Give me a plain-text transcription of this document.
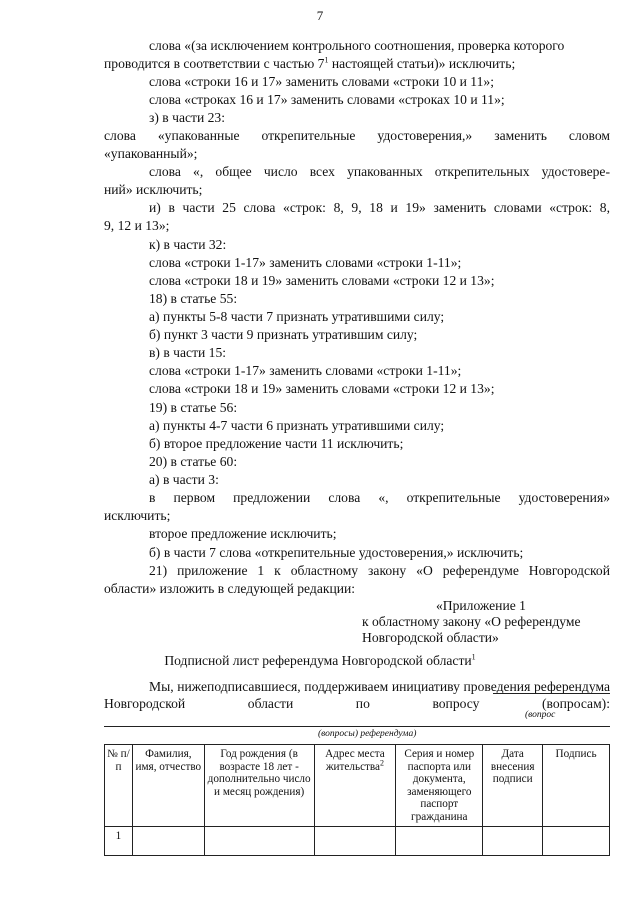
7
слова «(за исключением контрольного соотношения, проверка которого
проводится в соответствии с частью $7^1$ настоящей статьи)» исключить;
слова «строки 16 и 17» заменить словами «строки 10 и 11»;
слова «строках 16 и 17» заменить словами «строках 10 и 11»;
з) в части 23:
слова «упакованные открепительные удостоверения,» заменить словом
«упакованный»;
слова «, общее число всех упакованных открепительных удостовере-
ний» исключить;
и) в части 25 слова «строк: 8, 9, 18 и 19» заменить словами «строк: 8,
9, 12 и 13»;
к) в части 32:
слова «строки 1-17» заменить словами «строки 1-11»;
слова «строки 18 и 19» заменить словами «строки 12 и 13»;
18) в статье 55:
а) пункты 5-8 части 7 признать утратившими силу;
б) пункт 3 части 9 признать утратившим силу;
в) в части 15:
слова «строки 1-17» заменить словами «строки 1-11»;
слова «строки 18 и 19» заменить словами «строки 12 и 13»;
19) в статье 56:
а) пункты 4-7 части 6 признать утратившими силу;
б) второе предложение части 11 исключить;
20) в статье 60:
а) в части 3:
в первом предложении слова «, открепительные удостоверения»
исключить;
второе предложение исключить;
б) в части 7 слова «открепительные удостоверения,» исключить;
21) приложение 1 к областному закону «О референдуме Новгородской
области» изложить в следующей редакции:
«Приложение 1
к областному закону «О референдуме
Новгородской области»
Подписной лист референдума Новгородской области$^1$
Мы, нижеподписавшиеся, поддерживаем инициативу проведения референдума Новгородской области по вопросу (вопросам):
(вопрос
(вопросы) референдума)
№ п/п	Фамилия, имя, отчество	Год рождения (в возрасте 18 лет - дополнительно число и месяц рождения)	Адрес места жительства$^2$	Серия и номер паспорта или документа, заменяющего паспорт гражданина	Дата внесения подписи	Подпись
1						
